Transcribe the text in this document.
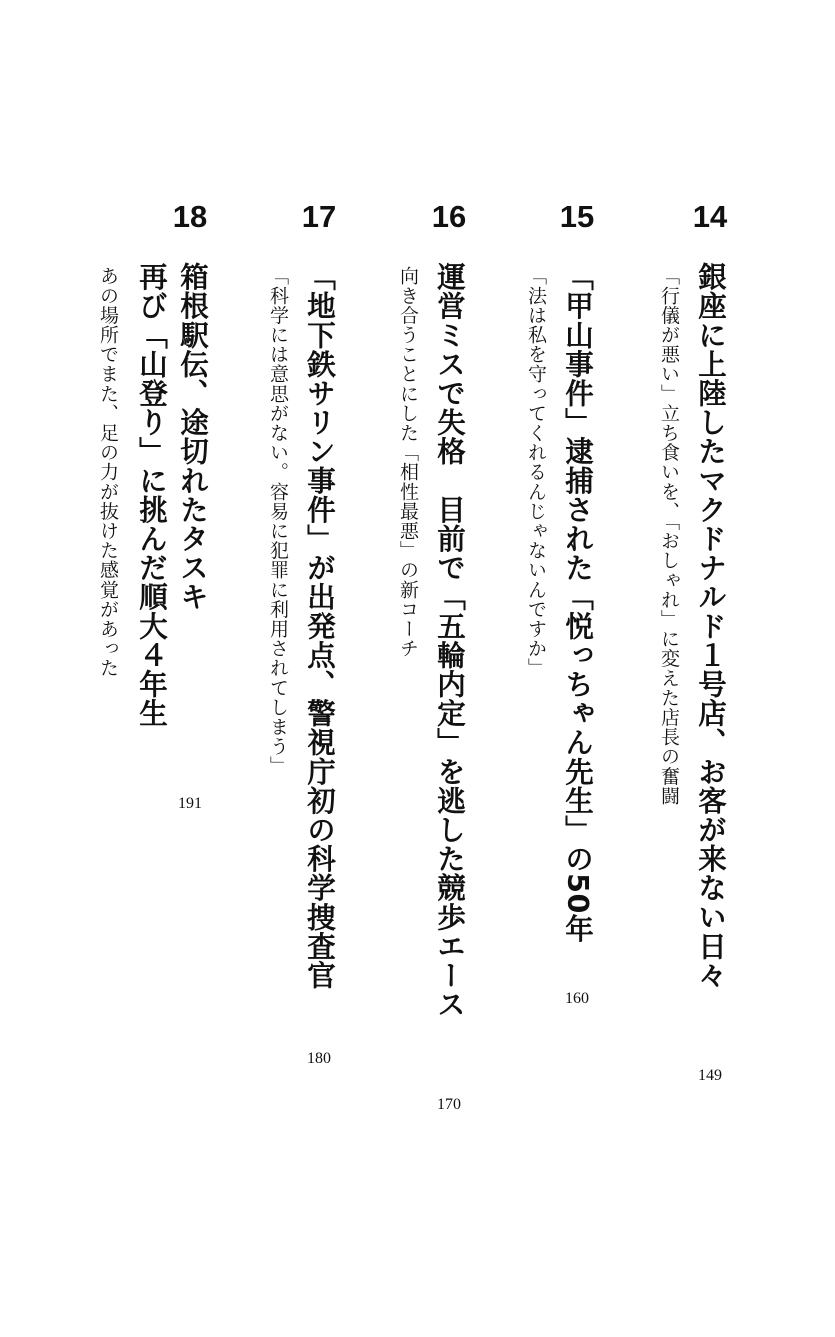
14
銀座に上陸したマクドナルド１号店、お客が来ない日々
「行儀が悪い」立ち食いを、「おしゃれ」に変えた店長の奮闘
149
15
「甲山事件」逮捕された「悦っちゃん先生」の50年
「法は私を守ってくれるんじゃないんですか」
160
16
運営ミスで失格　目前で「五輪内定」を逃した競歩エース
向き合うことにした「相性最悪」の新コーチ
170
17
「地下鉄サリン事件」が出発点、警視庁初の科学捜査官
「科学には意思がない。容易に犯罪に利用されてしまう」
180
18
箱根駅伝、途切れたタスキ
再び「山登り」に挑んだ順大４年生
あの場所でまた、足の力が抜けた感覚があった
191
